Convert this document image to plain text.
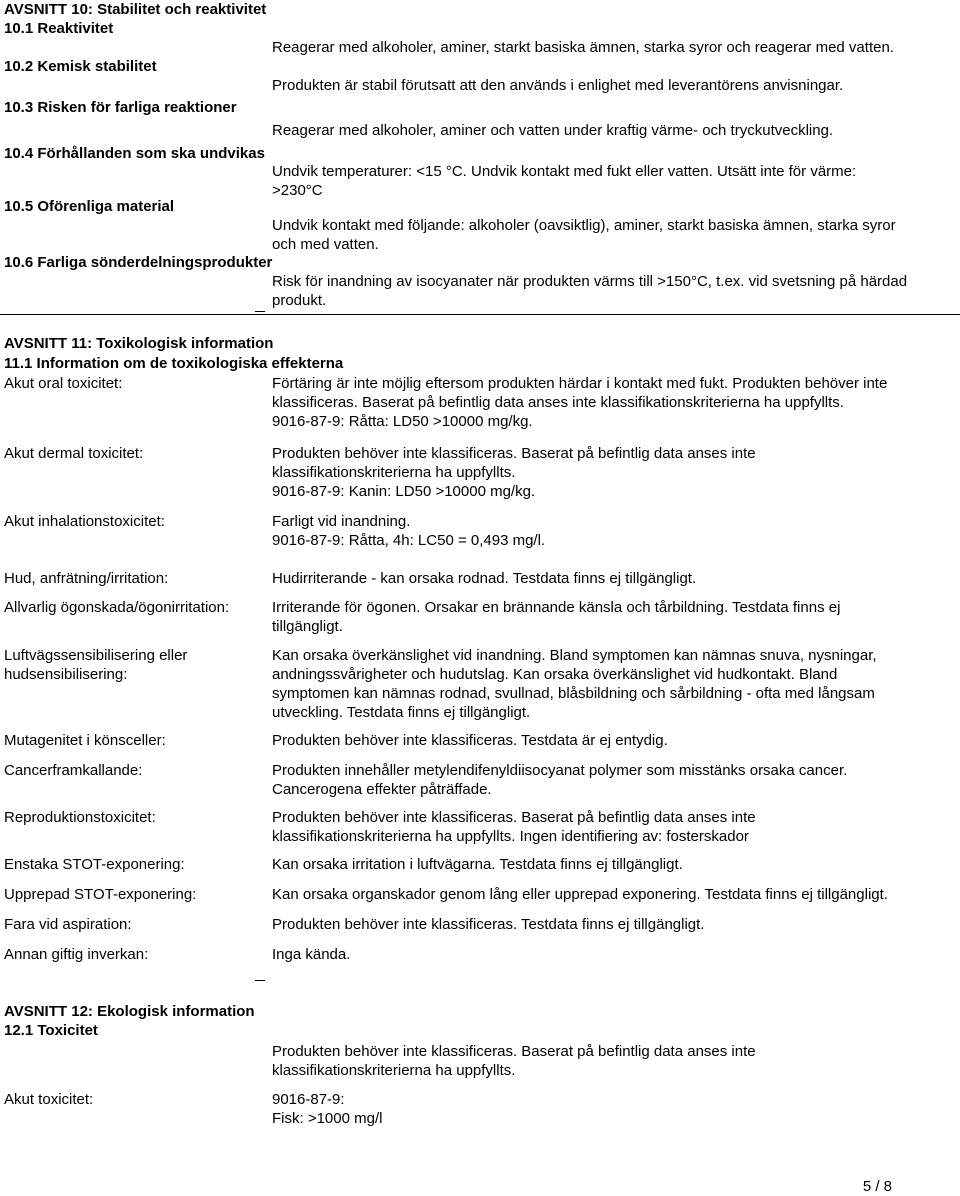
AVSNITT 10: Stabilitet och reaktivitet
10.1 Reaktivitet
Reagerar med alkoholer, aminer, starkt basiska ämnen, starka syror och reagerar med vatten.
10.2 Kemisk stabilitet
Produkten är stabil förutsatt att den används i enlighet med leverantörens anvisningar.
10.3 Risken för farliga reaktioner
Reagerar med alkoholer, aminer och vatten under kraftig värme- och tryckutveckling.
10.4 Förhållanden som ska undvikas
Undvik temperaturer: <15 °C. Undvik kontakt med fukt eller vatten. Utsätt inte för värme:
>230°C
10.5 Oförenliga material
Undvik kontakt med följande: alkoholer (oavsiktlig), aminer, starkt basiska ämnen, starka syror
och med vatten.
10.6 Farliga sönderdelningsprodukter
Risk för inandning av isocyanater när produkten värms till >150°C, t.ex. vid svetsning på härdad
produkt.
AVSNITT 11: Toxikologisk information
11.1 Information om de toxikologiska effekterna
Akut oral toxicitet:	Förtäring är inte möjlig eftersom produkten härdar i kontakt med fukt. Produkten behöver inte
klassificeras. Baserat på befintlig data anses inte klassifikationskriterierna ha uppfyllts.
9016-87-9: Råtta: LD50 >10000 mg/kg.
Akut dermal toxicitet:	Produkten behöver inte klassificeras. Baserat på befintlig data anses inte
klassifikationskriterierna ha uppfyllts.
9016-87-9: Kanin: LD50 >10000 mg/kg.
Akut inhalationstoxicitet:	Farligt vid inandning.
9016-87-9: Råtta, 4h: LC50 = 0,493 mg/l.
Hud, anfrätning/irritation:	Hudirriterande - kan orsaka rodnad. Testdata finns ej tillgängligt.
Allvarlig ögonskada/ögonirritation:	Irriterande för ögonen. Orsakar en brännande känsla och tårbildning. Testdata finns ej
tillgängligt.
Luftvägssensibilisering eller
hudsensibilisering:
Kan orsaka överkänslighet vid inandning. Bland symptomen kan nämnas snuva, nysningar,
andningssvårigheter och hudutslag. Kan orsaka överkänslighet vid hudkontakt. Bland
symptomen kan nämnas rodnad, svullnad, blåsbildning och sårbildning - ofta med långsam
utveckling. Testdata finns ej tillgängligt.
Mutagenitet i könsceller:	Produkten behöver inte klassificeras. Testdata är ej entydig.
Cancerframkallande:	Produkten innehåller metylendifenyldiisocyanat polymer som misstänks orsaka cancer.
Cancerogena effekter påträffade.
Reproduktionstoxicitet:	Produkten behöver inte klassificeras. Baserat på befintlig data anses inte
klassifikationskriterierna ha uppfyllts. Ingen identifiering av: fosterskador
Enstaka STOT-exponering:	Kan orsaka irritation i luftvägarna. Testdata finns ej tillgängligt.
Upprepad STOT-exponering:	Kan orsaka organskador genom lång eller upprepad exponering. Testdata finns ej tillgängligt.
Fara vid aspiration:	Produkten behöver inte klassificeras. Testdata finns ej tillgängligt.
Annan giftig inverkan:	Inga kända.
AVSNITT 12: Ekologisk information
12.1 Toxicitet
Produkten behöver inte klassificeras. Baserat på befintlig data anses inte
klassifikationskriterierna ha uppfyllts.
Akut toxicitet:	9016-87-9:
Fisk: >1000 mg/l
5 / 8
